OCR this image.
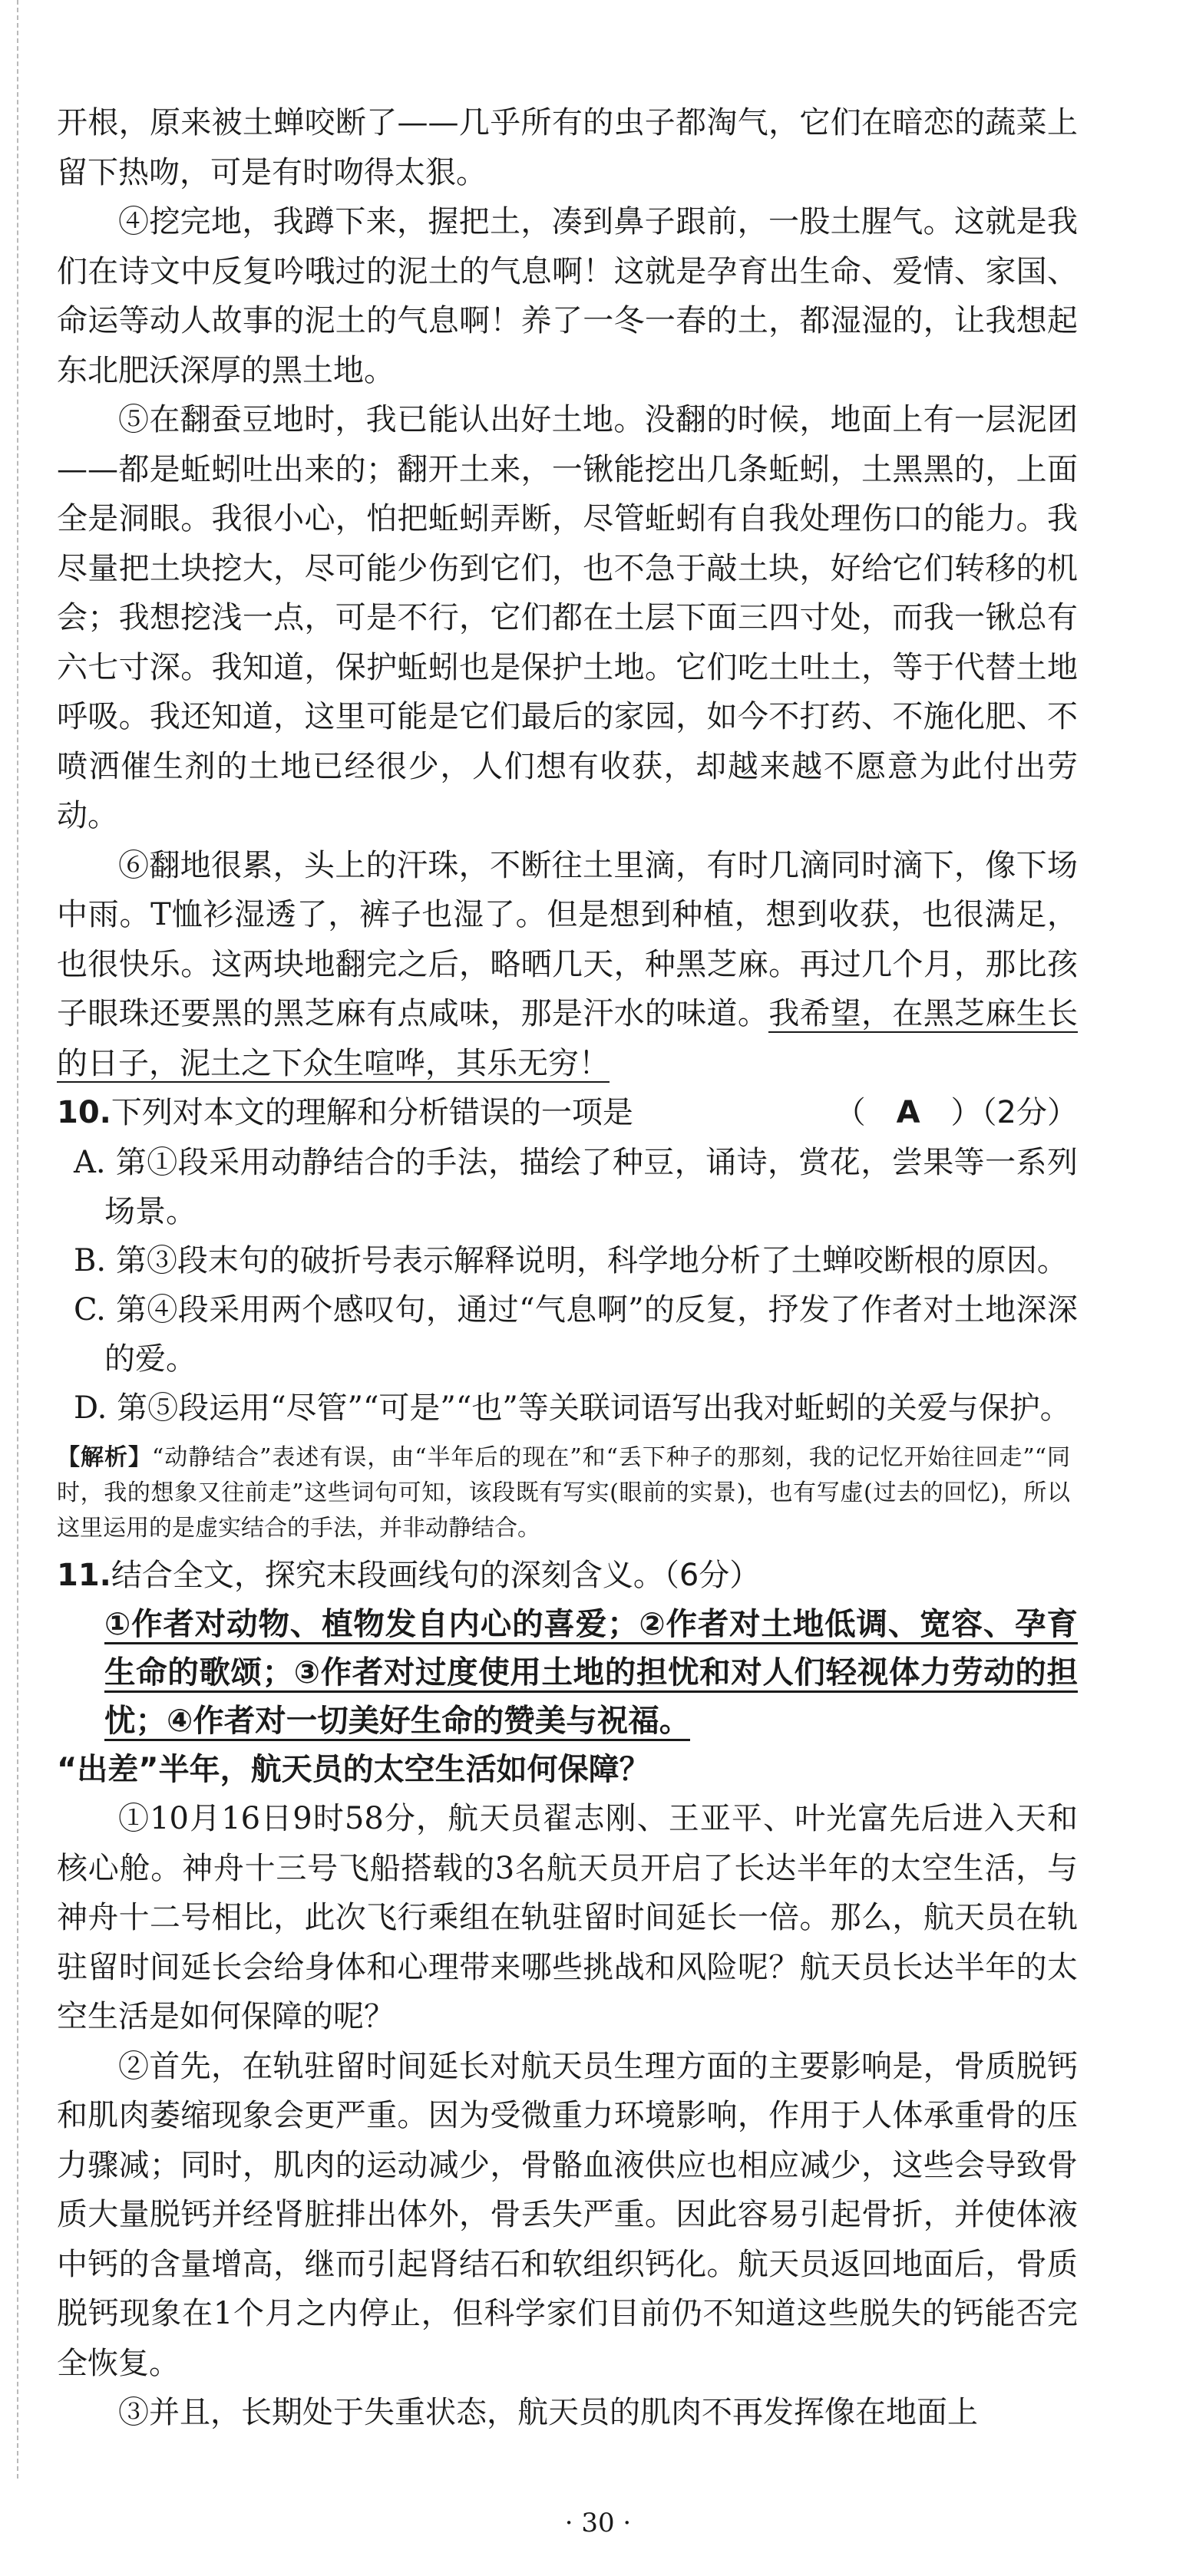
开根，原来被土蝉咬断了——几乎所有的虫子都淘气，它们在暗恋的蔬菜上留下热吻，可是有时吻得太狠。

④挖完地，我蹲下来，握把土，凑到鼻子跟前，一股土腥气。这就是我们在诗文中反复吟哦过的泥土的气息啊！这就是孕育出生命、爱情、家国、命运等动人故事的泥土的气息啊！养了一冬一春的土，都湿湿的，让我想起东北肥沃深厚的黑土地。

⑤在翻蚕豆地时，我已能认出好土地。没翻的时候，地面上有一层泥团——都是蚯蚓吐出来的；翻开土来，一锹能挖出几条蚯蚓，土黑黑的，上面全是洞眼。我很小心，怕把蚯蚓弄断，尽管蚯蚓有自我处理伤口的能力。我尽量把土块挖大，尽可能少伤到它们，也不急于敲土块，好给它们转移的机会；我想挖浅一点，可是不行，它们都在土层下面三四寸处，而我一锹总有六七寸深。我知道，保护蚯蚓也是保护土地。它们吃土吐土，等于代替土地呼吸。我还知道，这里可能是它们最后的家园，如今不打药、不施化肥、不喷洒催生剂的土地已经很少，人们想有收获，却越来越不愿意为此付出劳动。

⑥翻地很累，头上的汗珠，不断往土里滴，有时几滴同时滴下，像下场中雨。T恤衫湿透了，裤子也湿了。但是想到种植，想到收获，也很满足，也很快乐。这两块地翻完之后，略晒几天，种黑芝麻。再过几个月，那比孩子眼珠还要黑的黑芝麻有点咸味，那是汗水的味道。我希望，在黑芝麻生长的日子，泥土之下众生喧哗，其乐无穷！

10. 下列对本文的理解和分析错误的一项是	（　A　）（2分）

A. 第①段采用动静结合的手法，描绘了种豆，诵诗，赏花，尝果等一系列场景。

B. 第③段末句的破折号表示解释说明，科学地分析了土蝉咬断根的原因。

C. 第④段采用两个感叹句，通过“气息啊”的反复，抒发了作者对土地深深的爱。

D. 第⑤段运用“尽管”“可是”“也”等关联词语写出我对蚯蚓的关爱与保护。

【解析】“动静结合”表述有误，由“半年后的现在”和“丢下种子的那刻，我的记忆开始往回走”“同时，我的想象又往前走”这些词句可知，该段既有写实(眼前的实景)，也有写虚(过去的回忆)，所以这里运用的是虚实结合的手法，并非动静结合。

11. 结合全文，探究末段画线句的深刻含义。（6分）

①作者对动物、植物发自内心的喜爱；②作者对土地低调、宽容、孕育生命的歌颂；③作者对过度使用土地的担忧和对人们轻视体力劳动的担忧；④作者对一切美好生命的赞美与祝福。

“出差”半年，航天员的太空生活如何保障？

①10月16日9时58分，航天员翟志刚、王亚平、叶光富先后进入天和核心舱。神舟十三号飞船搭载的3名航天员开启了长达半年的太空生活，与神舟十二号相比，此次飞行乘组在轨驻留时间延长一倍。那么，航天员在轨驻留时间延长会给身体和心理带来哪些挑战和风险呢？航天员长达半年的太空生活是如何保障的呢？

②首先，在轨驻留时间延长对航天员生理方面的主要影响是，骨质脱钙和肌肉萎缩现象会更严重。因为受微重力环境影响，作用于人体承重骨的压力骤减；同时，肌肉的运动减少，骨骼血液供应也相应减少，这些会导致骨质大量脱钙并经肾脏排出体外，骨丢失严重。因此容易引起骨折，并使体液中钙的含量增高，继而引起肾结石和软组织钙化。航天员返回地面后，骨质脱钙现象在1个月之内停止，但科学家们目前仍不知道这些脱失的钙能否完全恢复。

③并且，长期处于失重状态，航天员的肌肉不再发挥像在地面上

· 30 ·
